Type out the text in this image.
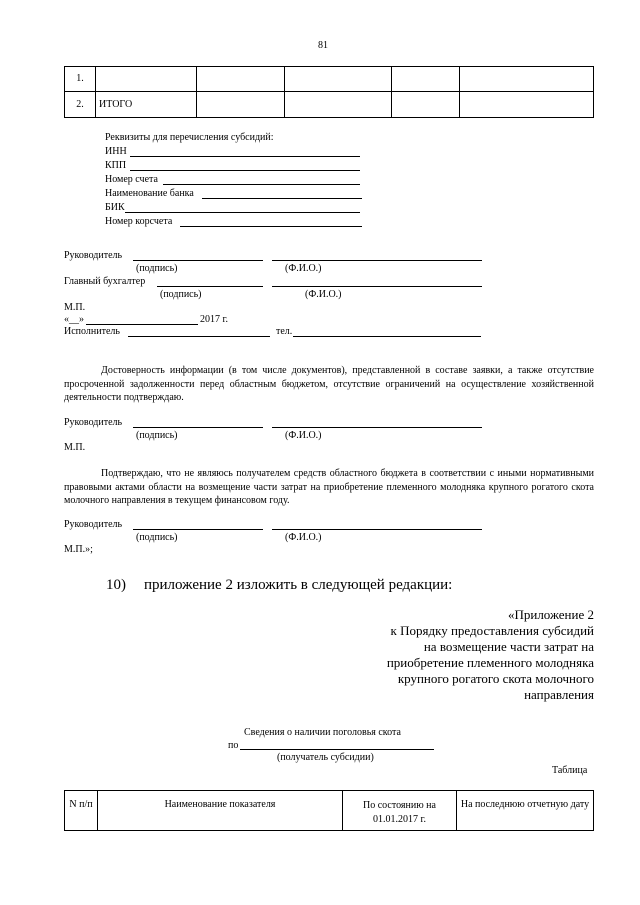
81
1.					
2.	ИТОГО				
Реквизиты для перечисления субсидий:
ИНН
КПП
Номер счета
Наименование банка
БИК
Номер корсчета
Руководитель
(подпись)	(Ф.И.О.)
Главный бухгалтер
(подпись)	(Ф.И.О.)
М.П.
«__»	2017 г.
Исполнитель	тел.
Достоверность информации (в том числе документов), представленной в составе заявки, а также отсутствие просроченной задолженности перед областным бюджетом, отсутствие ограничений на осуществление хозяйственной деятельности подтверждаю.
Руководитель
(подпись)	(Ф.И.О.)
М.П.
Подтверждаю, что не являюсь получателем средств областного бюджета в соответствии с иными нормативными правовыми актами области на возмещение части затрат на приобретение племенного молодняка крупного рогатого скота молочного направления в текущем финансовом году.
Руководитель
(подпись)	(Ф.И.О.)
М.П.»;
10) приложение 2 изложить в следующей редакции:
«Приложение 2
к Порядку предоставления субсидий
на возмещение части затрат на
приобретение племенного молодняка
крупного рогатого скота молочного
направления
Сведения о наличии поголовья скота
по
(получатель субсидии)
Таблица
N п/п	Наименование показателя	По состоянию на 01.01.2017 г.	На последнюю отчетную дату
